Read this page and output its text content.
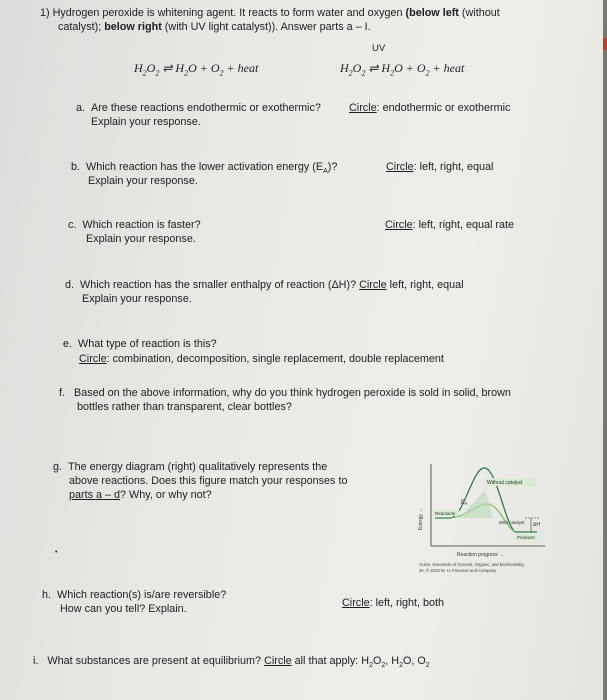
1) Hydrogen peroxide is whitening agent. It reacts to form water and oxygen (below left (without
catalyst); below right (with UV light catalyst)). Answer parts a – I.
UV
$H_2O_2$ ⇌ $H_2O + O_2$ + heat	$H_2O_2$ ⇌ $H_2O + O_2$ + heat
a. Are these reactions endothermic or exothermic?	Circle: endothermic or exothermic
Explain your response.
b. Which reaction has the lower activation energy $(E_A)$?	Circle: left, right, equal
Explain your response.
c. Which reaction is faster?	Circle: left, right, equal rate
Explain your response.
d. Which reaction has the smaller enthalpy of reaction (ΔH)? Circle left, right, equal
Explain your response.
e. What type of reaction is this?
Circle: combination, decomposition, single replacement, double replacement
f. Based on the above information, why do you think hydrogen peroxide is sold in solid, brown
bottles rather than transparent, clear bottles?
g. The energy diagram (right) qualitatively represents the
above reactions. Does this figure match your responses to
parts a – d? Why, or why not?
Energy →
Without catalyst
Eₐ
Reactants
With catalyst ΔH
Products
Reaction progress →
Guinn, Essentials of General, Organic, and Biochemistry,
3e, © 2019 W. H. Freeman and Company
•
h. Which reaction(s) is/are reversible?
How can you tell? Explain.	Circle: left, right, both
i. What substances are present at equilibrium? Circle all that apply: $H_2O_2$, $H_2O$, $O_2$
